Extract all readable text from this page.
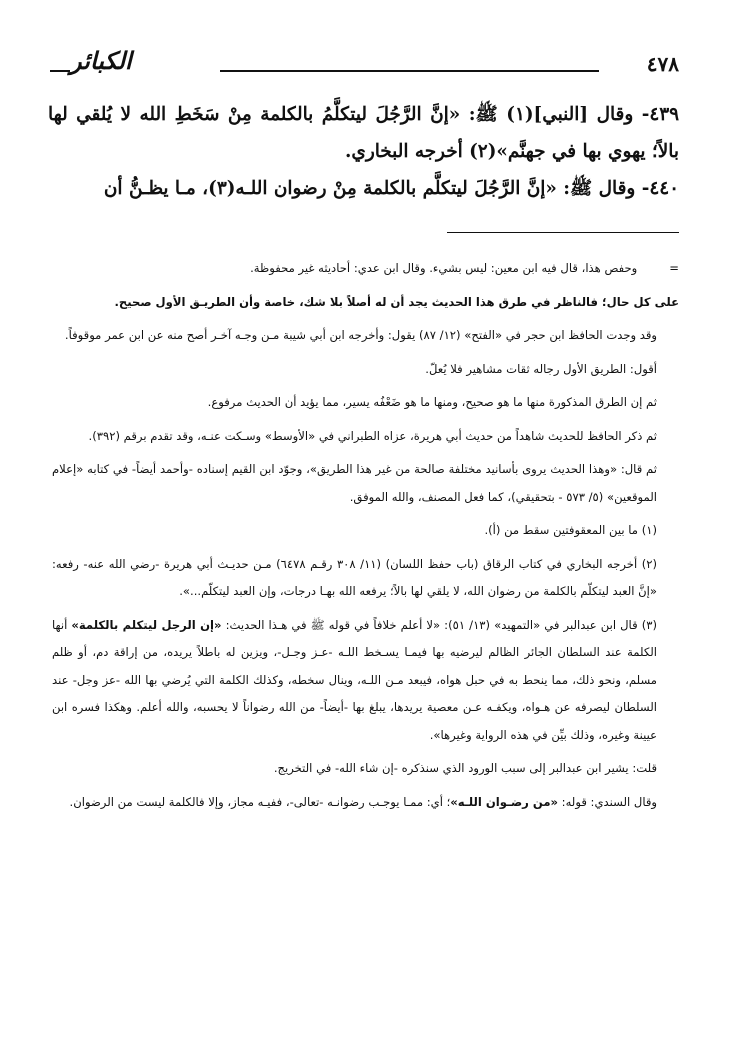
٤٧٨
الكبائر

٤٣٩- وقال [النبي](١) ﷺ: «إنَّ الرَّجُلَ ليتكلَّمُ بالكلمة مِنْ سَخَطِ الله لا يُلقي لها بالاً؛ يهوي بها في جهنَّم»(٢) أخرجه البخاري.

٤٤٠- وقال ﷺ: «إنَّ الرَّجُلَ ليتكلَّم بالكلمة مِنْ رضوان اللـه(٣)، مـا يظـنُّ أن

=وحفص هذا، قال فيه ابن معين: ليس بشيء. وقال ابن عدي: أحاديثه غير محفوظة.

على كل حال؛ فالناظر في طرق هذا الحديث يجد أن له أصلاً بلا شك، خاصة وأن الطريـق الأول صحيح.

وقد وجدت الحافظ ابن حجر في «الفتح» (١٢/ ٨٧) يقول: وأخرجه ابن أبي شيبة مـن وجـه آخـر أصح منه عن ابن عمر موقوفاً.

أقول: الطريق الأول رجاله ثقات مشاهير فلا يُعلّ.

ثم إن الطرق المذكورة منها ما هو صحيح، ومنها ما هو ضَعْفُه يسير، مما يؤيد أن الحديث مرفوع.

ثم ذكر الحافظ للحديث شاهداً من حديث أبي هريرة، عزاه الطبراني في «الأوسط» وسـكت عنـه، وقد تقدم برقم (٣٩٢).

ثم قال: «وهذا الحديث يروى بأسانيد مختلفة صالحة من غير هذا الطريق»، وجوّد ابن القيم إسناده -وأحمد أيضاً- في كتابه «إعلام الموقعين» (٥/ ٥٧٣ - بتحقيقي)، كما فعل المصنف، والله الموفق.

(١) ما بين المعقوفتين سقط من (أ).

(٢) أخرجه البخاري في كتاب الرقاق (باب حفظ اللسان) (١١/ ٣٠٨ رقـم ٦٤٧٨) مـن حديـث أبي هريرة -رضي الله عنه- رفعه: «إنَّ العبد ليتكلّم بالكلمة من رضوان الله، لا يلقي لها بالاً؛ يرفعه الله بهـا درجات، وإن العبد ليتكلّم...».

(٣) قال ابن عبدالبر في «التمهيد» (١٣/ ٥١): «لا أعلم خلافاً في قوله ﷺ في هـذا الحديث: «إن الرجل ليتكلم بالكلمة» أنها الكلمة عند السلطان الجائر الظالم ليرضيه بها فيمـا يسـخط اللـه -عـز وجـل-، ويزين له باطلاً يريده، من إراقة دم، أو ظلم مسلم، ونحو ذلك، مما ينحط به في حبل هواه، فيبعد مـن اللـه، وينال سخطه، وكذلك الكلمة التي يُرضي بها الله -عز وجل- عند السلطان ليصرفه عن هـواه، ويكفـه عـن معصية يريدها، يبلغ بها -أيضاً- من الله رضواناً لا يحسبه، والله أعلم. وهكذا فسره ابن عيينة وغيره، وذلك بيِّن في هذه الرواية وغيرها».

قلت: يشير ابن عبدالبر إلى سبب الورود الذي سنذكره -إن شاء الله- في التخريج.

وقال السندي: قوله: «من رضـوان اللـه»؛ أي: ممـا يوجـب رضوانـه -تعالى-، ففيـه مجاز، وإلا فالكلمة ليست من الرضوان.
